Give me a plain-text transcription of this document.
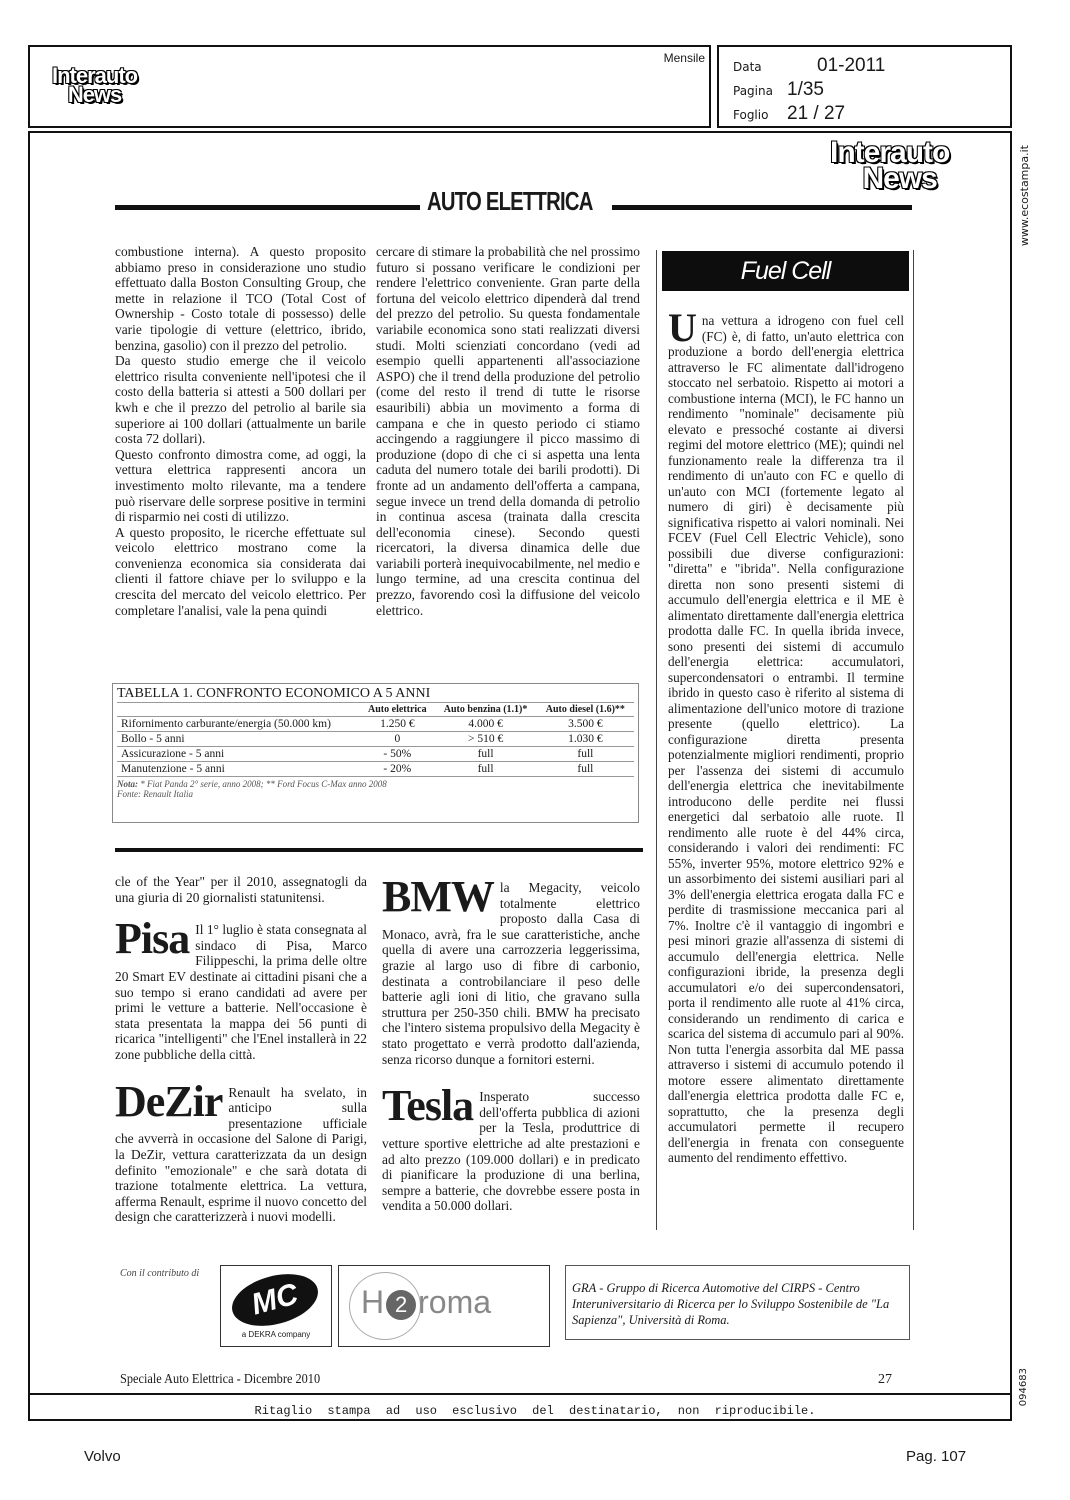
Interauto
News
Mensile
Data	01-2011
Pagina 1/35
Foglio 21 / 27
www.ecostampa.it
094683
Interauto
News
AUTO ELETTRICA

combustione interna). A questo proposito abbiamo preso in considerazione uno studio effettuato dalla Boston Consulting Group, che mette in relazione il TCO (Total Cost of Ownership - Costo totale di possesso) delle varie tipologie di vetture (elettrico, ibrido, benzina, gasolio) con il prezzo del petrolio.

Da questo studio emerge che il veicolo elettrico risulta conveniente nell'ipotesi che il costo della batteria si attesti a 500 dollari per kwh e che il prezzo del petrolio al barile sia superiore ai 100 dollari (attualmente un barile costa 72 dollari).

Questo confronto dimostra come, ad oggi, la vettura elettrica rappresenti ancora un investimento molto rilevante, ma a tendere può riservare delle sorprese positive in termini di risparmio nei costi di utilizzo.

A questo proposito, le ricerche effettuate sul veicolo elettrico mostrano come la convenienza economica sia considerata dai clienti il fattore chiave per lo sviluppo e la crescita del mercato del veicolo elettrico. Per completare l'analisi, vale la pena quindi

cercare di stimare la probabilità che nel prossimo futuro si possano verificare le condizioni per rendere l'elettrico conveniente. Gran parte della fortuna del veicolo elettrico dipenderà dal trend del prezzo del petrolio. Su questa fondamentale variabile economica sono stati realizzati diversi studi. Molti scienziati concordano (vedi ad esempio quelli appartenenti all'associazione ASPO) che il trend della produzione del petrolio (come del resto il trend di tutte le risorse esauribili) abbia un movimento a forma di campana e che in questo periodo ci stiamo accingendo a raggiungere il picco massimo di produzione (dopo di che ci si aspetta una lenta caduta del numero totale dei barili prodotti). Di fronte ad un andamento dell'offerta a campana, segue invece un trend della domanda di petrolio in continua ascesa (trainata dalla crescita dell'economia cinese). Secondo questi ricercatori, la diversa dinamica delle due variabili porterà inequivocabilmente, nel medio e lungo termine, ad una crescita continua del prezzo, favorendo così la diffusione del veicolo elettrico.

TABELLA 1. CONFRONTO ECONOMICO A 5 ANNI
	Auto elettrica	Auto benzina (1.1)*	Auto diesel (1.6)**
Rifornimento carburante/energia (50.000 km)	1.250 €	4.000 €	3.500 €
Bollo - 5 anni	0	> 510 €	1.030 €
Assicurazione - 5 anni	- 50%	full	full
Manutenzione - 5 anni	- 20%	full	full
Nota: * Fiat Panda 2° serie, anno 2008; ** Ford Focus C-Max anno 2008
Fonte: Renault Italia
Fuel Cell
Una vettura a idrogeno con fuel cell (FC) è, di fatto, un'auto elettrica con produzione a bordo dell'energia elettrica attraverso le FC alimentate dall'idrogeno stoccato nel serbatoio. Rispetto ai motori a combustione interna (MCI), le FC hanno un rendimento "nominale" decisamente più elevato e pressoché costante ai diversi regimi del motore elettrico (ME); quindi nel funzionamento reale la differenza tra il rendimento di un'auto con FC e quello di un'auto con MCI (fortemente legato al numero di giri) è decisamente più significativa rispetto ai valori nominali. Nei FCEV (Fuel Cell Electric Vehicle), sono possibili due diverse configurazioni: "diretta" e "ibrida". Nella configurazione diretta non sono presenti sistemi di accumulo dell'energia elettrica e il ME è alimentato direttamente dall'energia elettrica prodotta dalle FC. In quella ibrida invece, sono presenti dei sistemi di accumulo dell'energia elettrica: accumulatori, supercondensatori o entrambi. Il termine ibrido in questo caso è riferito al sistema di alimentazione dell'unico motore di trazione presente (quello elettrico). La configurazione diretta presenta potenzialmente migliori rendimenti, proprio per l'assenza dei sistemi di accumulo dell'energia elettrica che inevitabilmente introducono delle perdite nei flussi energetici dal serbatoio alle ruote. Il rendimento alle ruote è del 44% circa, considerando i valori dei rendimenti: FC 55%, inverter 95%, motore elettrico 92% e un assorbimento dei sistemi ausiliari pari al 3% dell'energia elettrica erogata dalla FC e perdite di trasmissione meccanica pari al 7%. Inoltre c'è il vantaggio di ingombri e pesi minori grazie all'assenza di sistemi di accumulo dell'energia elettrica. Nelle configurazioni ibride, la presenza degli accumulatori e/o dei supercondensatori, porta il rendimento alle ruote al 41% circa, considerando un rendimento di carica e scarica del sistema di accumulo pari al 90%. Non tutta l'energia assorbita dal ME passa attraverso i sistemi di accumulo potendo il motore essere alimentato direttamente dall'energia elettrica prodotta dalle FC e, soprattutto, che la presenza degli accumulatori permette il recupero dell'energia in frenata con conseguente aumento del rendimento effettivo.

cle of the Year" per il 2010, assegnatogli da una giuria di 20 giornalisti statunitensi.

Pisa Il 1° luglio è stata consegnata al sindaco di Pisa, Marco Filippeschi, la prima delle oltre 20 Smart EV destinate ai cittadini pisani che a suo tempo si erano candidati ad avere per primi le vetture a batterie. Nell'occasione è stata presentata la mappa dei 56 punti di ricarica "intelligenti" che l'Enel installerà in 22 zone pubbliche della città.
DeZir Renault ha svelato, in anticipo sulla presentazione ufficiale che avverrà in occasione del Salone di Parigi, la DeZir, vettura caratterizzata da un design definito "emozionale" e che sarà dotata di trazione totalmente elettrica. La vettura, afferma Renault, esprime il nuovo concetto del design che caratterizzerà i nuovi modelli.
BMW la Megacity, veicolo totalmente elettrico proposto dalla Casa di Monaco, avrà, fra le sue caratteristiche, anche quella di avere una carrozzeria leggerissima, grazie al largo uso di fibre di carbonio, destinata a controbilanciare il peso delle batterie agli ioni di litio, che gravano sulla struttura per 250-350 chili. BMW ha precisato che l'intero sistema propulsivo della Megacity è stato progettato e verrà prodotto dall'azienda, senza ricorso dunque a fornitori esterni.
Tesla Insperato successo dell'offerta pubblica di azioni per la Tesla, produttrice di vetture sportive elettriche ad alte prestazioni e ad alto prezzo (109.000 dollari) e in predicato di pianificare la produzione di una berlina, sempre a batterie, che dovrebbe essere posta in vendita a 50.000 dollari.
Con il contributo di
MC
a DEKRA company
H 2 roma	GRA - Gruppo di Ricerca Automotive del CIRPS - Centro Interuniversitario di Ricerca per lo Sviluppo Sostenibile de "La Sapienza", Università di Roma.
Speciale Auto Elettrica - Dicembre 2010	27
Ritaglio stampa ad uso esclusivo del destinatario, non riproducibile.
Volvo	Pag. 107
